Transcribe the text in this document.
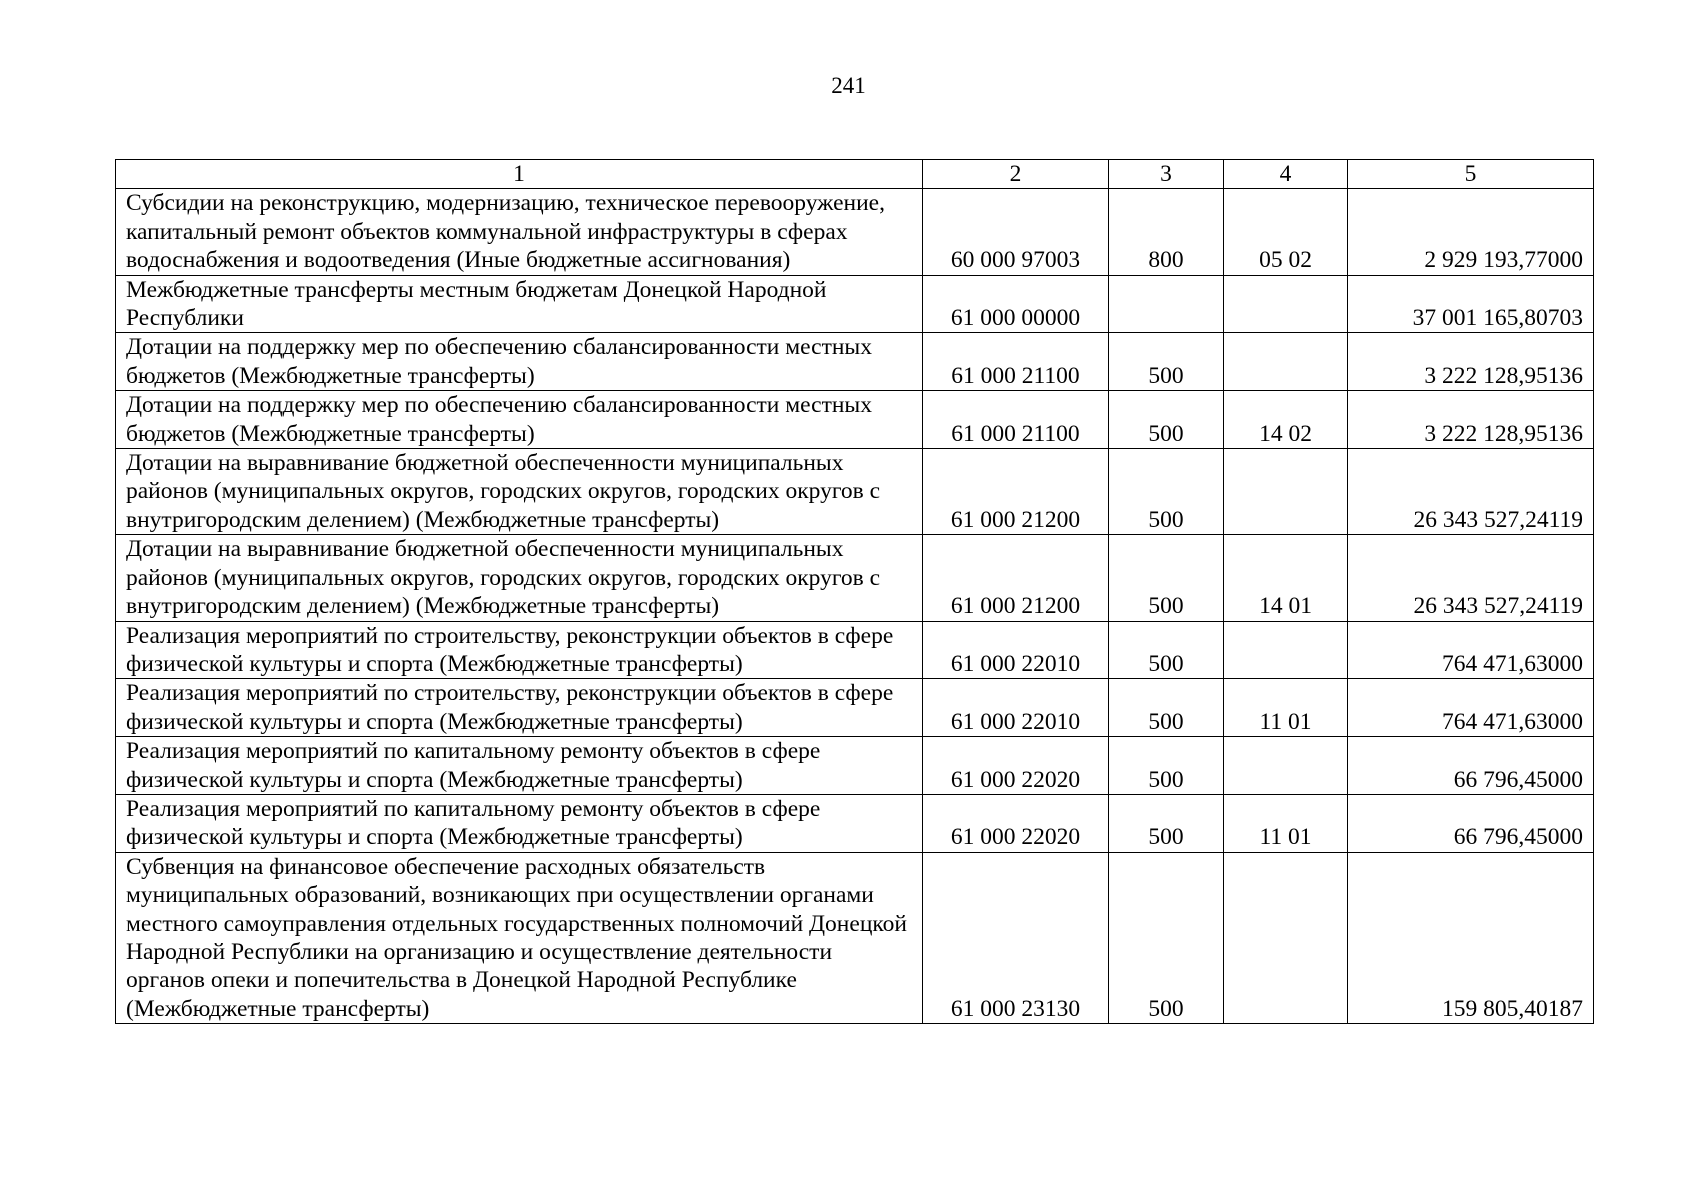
241
1	2	3	4	5
Субсидии на реконструкцию, модернизацию, техническое перевооружение, капитальный ремонт объектов коммунальной инфраструктуры в сферах водоснабжения и водоотведения (Иные бюджетные ассигнования)	60 000 97003	800	05 02	2 929 193,77000
Межбюджетные трансферты местным бюджетам Донецкой Народной Республики	61 000 00000			37 001 165,80703
Дотации на поддержку мер по обеспечению сбалансированности местных бюджетов (Межбюджетные трансферты)	61 000 21100	500		3 222 128,95136
Дотации на поддержку мер по обеспечению сбалансированности местных бюджетов (Межбюджетные трансферты)	61 000 21100	500	14 02	3 222 128,95136
Дотации на выравнивание бюджетной обеспеченности муниципальных районов (муниципальных округов, городских округов, городских округов с внутригородским делением) (Межбюджетные трансферты)	61 000 21200	500		26 343 527,24119
Дотации на выравнивание бюджетной обеспеченности муниципальных районов (муниципальных округов, городских округов, городских округов с внутригородским делением) (Межбюджетные трансферты)	61 000 21200	500	14 01	26 343 527,24119
Реализация мероприятий по строительству, реконструкции объектов в сфере физической культуры и спорта (Межбюджетные трансферты)	61 000 22010	500		764 471,63000
Реализация мероприятий по строительству, реконструкции объектов в сфере физической культуры и спорта (Межбюджетные трансферты)	61 000 22010	500	11 01	764 471,63000
Реализация мероприятий по капитальному ремонту объектов в сфере физической культуры и спорта (Межбюджетные трансферты)	61 000 22020	500		66 796,45000
Реализация мероприятий по капитальному ремонту объектов в сфере физической культуры и спорта (Межбюджетные трансферты)	61 000 22020	500	11 01	66 796,45000
Субвенция на финансовое обеспечение расходных обязательств муниципальных образований, возникающих при осуществлении органами местного самоуправления отдельных государственных полномочий Донецкой Народной Республики на организацию и осуществление деятельности органов опеки и попечительства в Донецкой Народной Республике (Межбюджетные трансферты)	61 000 23130	500		159 805,40187
